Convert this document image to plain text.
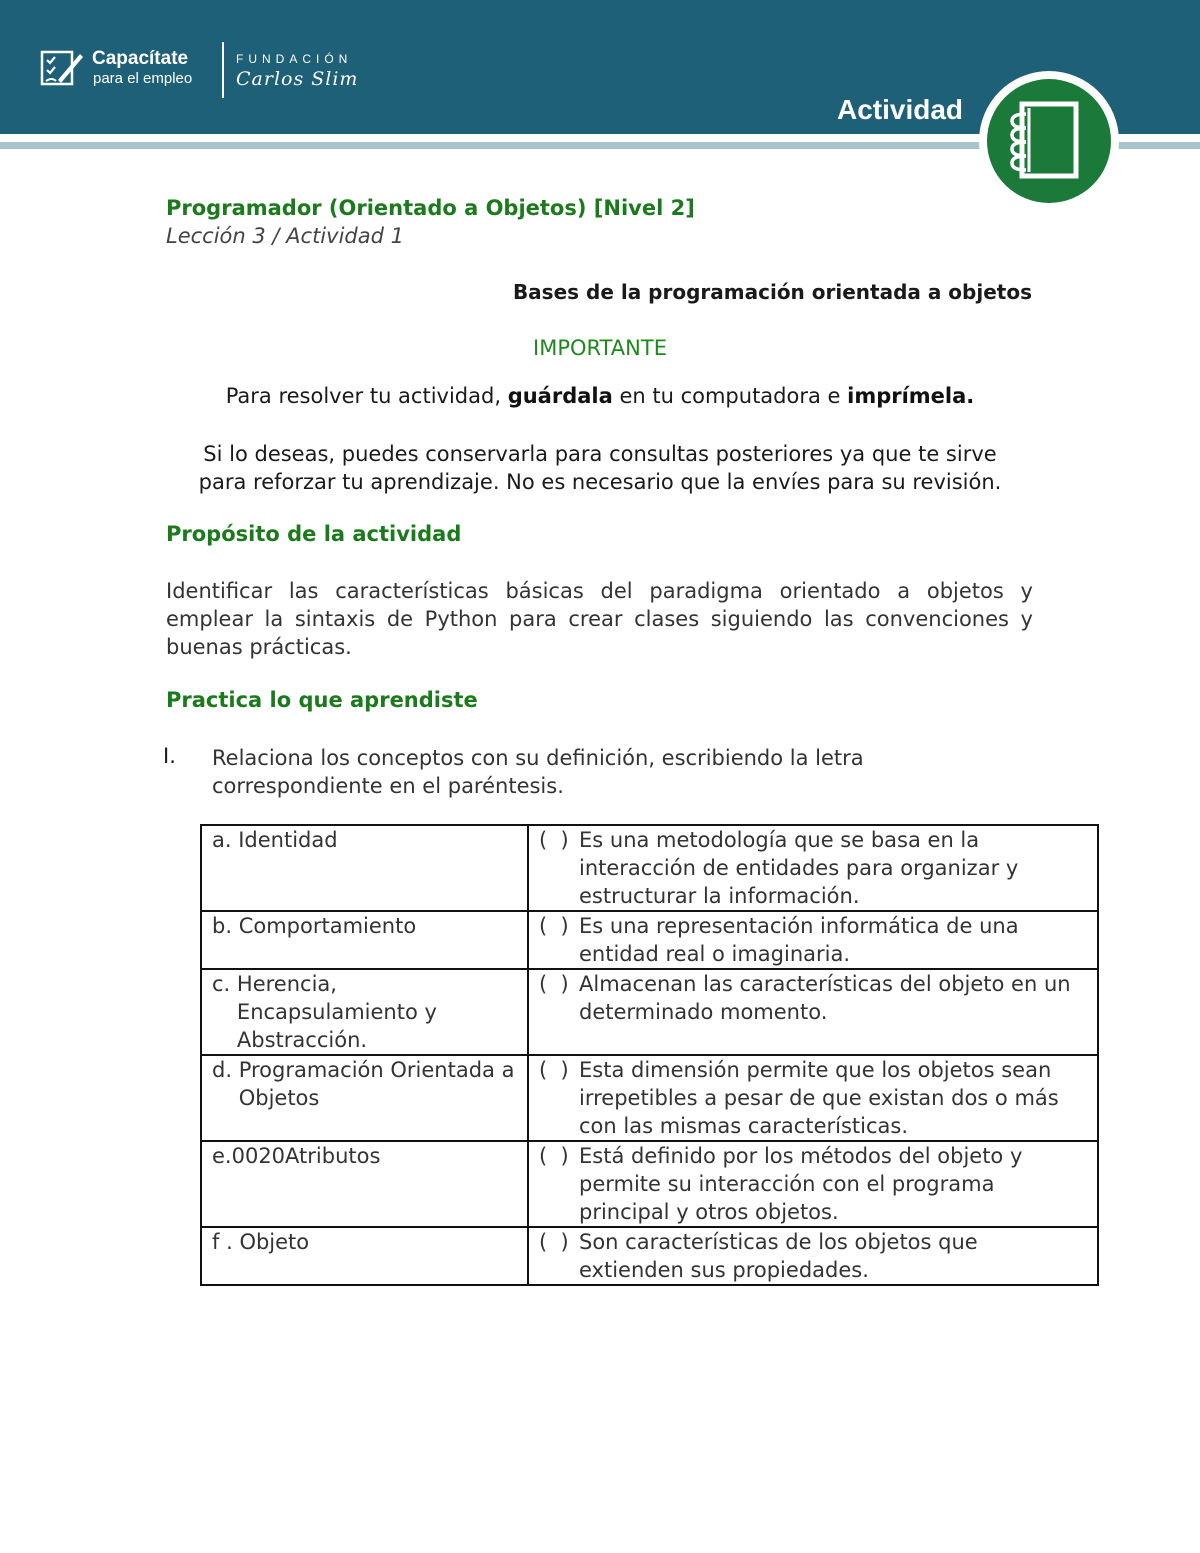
Capacítate
para el empleo
FUNDACIÓN
Carlos Slim
Actividad
Programador (Orientado a Objetos) [Nivel 2]
Lección 3 / Actividad 1
Bases de la programación orientada a objetos
IMPORTANTE
Para resolver tu actividad, guárdala en tu computadora e imprímela.
Si lo deseas, puedes conservarla para consultas posteriores ya que te sirve
para reforzar tu aprendizaje. No es necesario que la envíes para su revisión.
Propósito de la actividad
Identificar las características básicas del paradigma orientado a objetos y emplear la sintaxis de Python para crear clases siguiendo las convenciones y buenas prácticas.
Practica lo que aprendiste
I. Relaciona los conceptos con su definición, escribiendo la letra correspondiente en el paréntesis.
a.
Identidad	(  ) Es una metodología que se basa en la interacción de entidades para organizar y estructurar la información.

b.
Comportamiento	(  ) Es una representación informática de una entidad real o imaginaria.

c.
Herencia, Encapsulamiento y Abstracción.	(  ) Almacenan las características del objeto en un determinado momento.

d.
Programación Orientada a Objetos	(  ) Esta dimensión permite que los objetos sean irrepetibles a pesar de que existan dos o más con las mismas características.

e.0020 Atributos	(  ) Está definido por los métodos del objeto y permite su interacción con el programa principal y otros objetos.

f .
Objeto	(  ) Son características de los objetos que extienden sus propiedades.
